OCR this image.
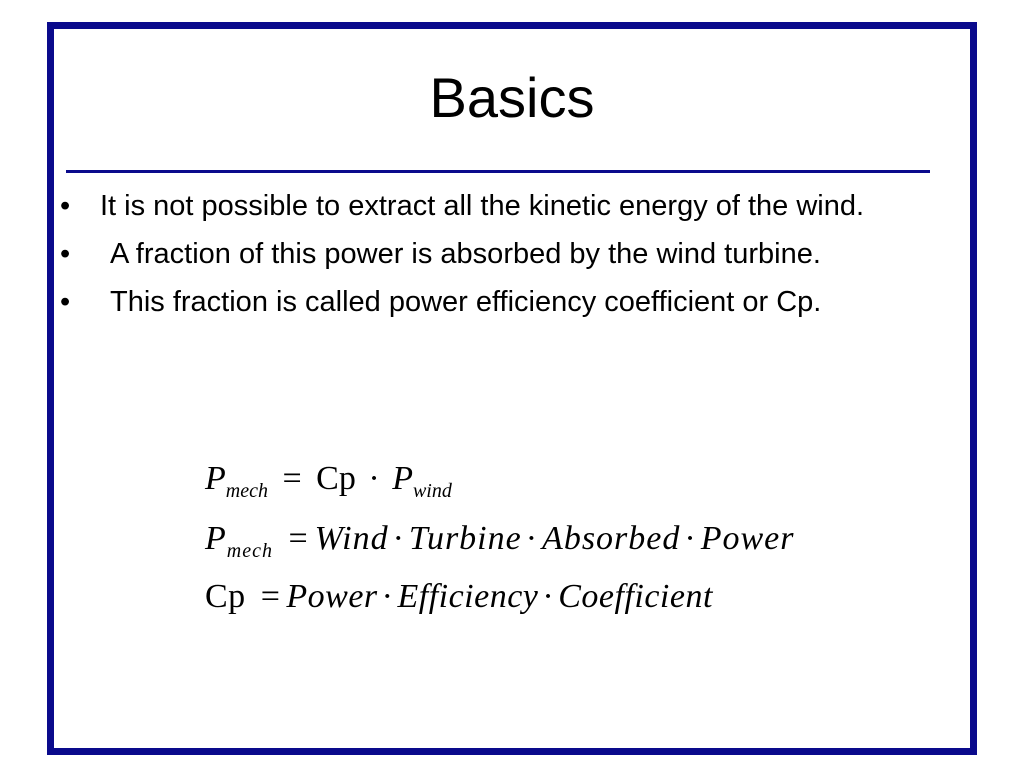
Basics
•	It is not possible to extract all the kinetic energy of the wind.
•	A fraction of this power is absorbed by the wind turbine.
•	This fraction is called power efficiency coefficient or Cp.
$P_{mech} = Cp \cdot P_{wind}$
$P_{mech}$ = Wind · Turbine · Absorbed · Power
Cp = Power · Efficiency · Coefficient
